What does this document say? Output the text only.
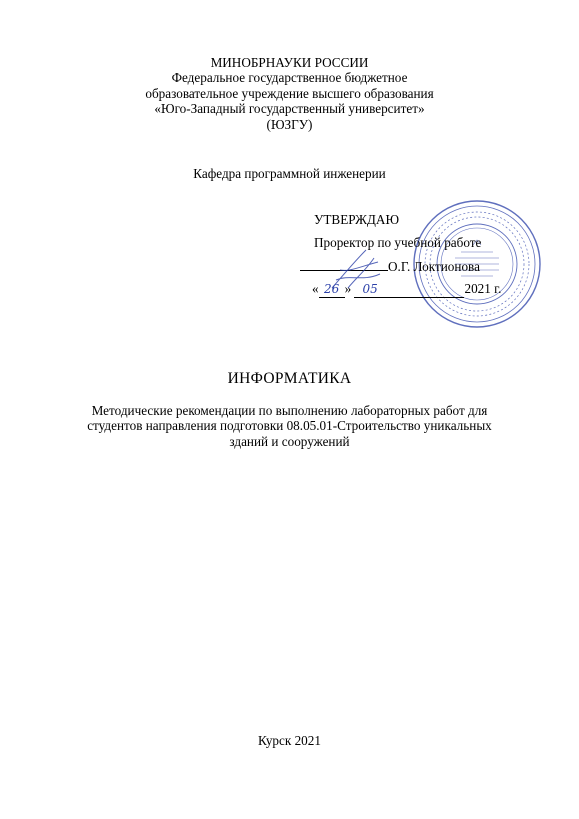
МИНОБРНАУКИ РОССИИ
Федеральное государственное бюджетное
образовательное учреждение высшего образования
«Юго-Западный государственный университет»
(ЮЗГУ)
Кафедра программной инженерии
УТВЕРЖДАЮ
Проректор по учебной работе
О.Г. Локтионова
« 26 » 05	2021 г.
ИНФОРМАТИКА
Методические рекомендации по выполнению лабораторных работ для
студентов направления подготовки 08.05.01-Строительство уникальных
зданий и сооружений
Курск 2021
